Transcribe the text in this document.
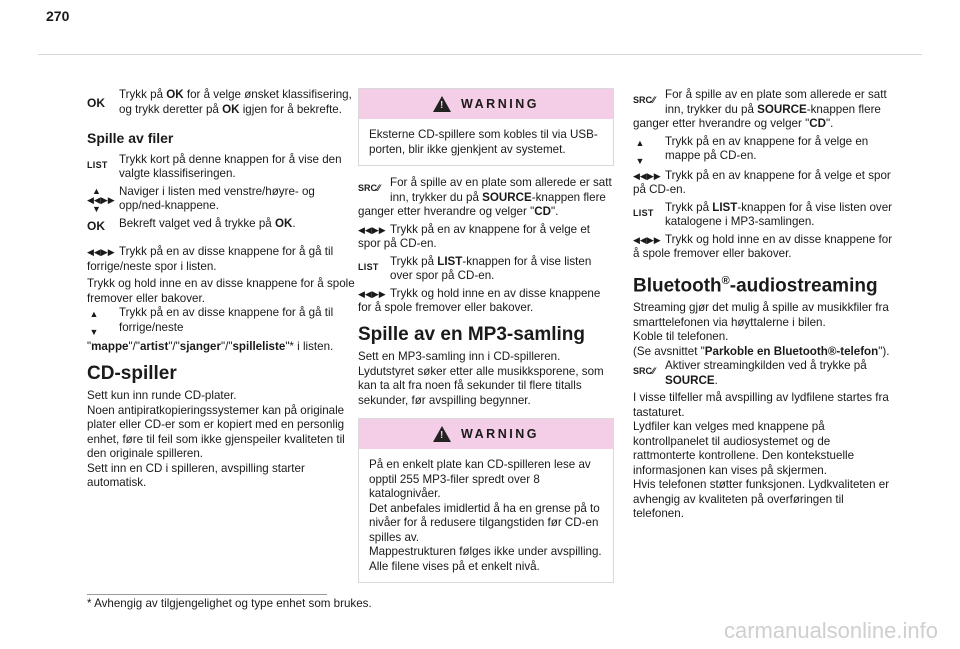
270
OK

Trykk på OK for å velge ønsket klassifisering, og trykk deretter på OK igjen for å bekrefte.

Spille av filer
LIST Trykk kort på denne knappen for å vise den valgte klassifiseringen.

▲
◀◀▶▶
▼

Naviger i listen med venstre/høyre- og opp/ned-knappene.

OK	Bekreft valget ved å trykke på OK.

◀◀▶▶ Trykk på en av disse knappene for å gå til forrige/neste spor i listen.

Trykk og hold inne en av disse knappene for å spole fremover eller bakover.

▲

▼

Trykk på en av disse knappene for å gå til forrige/neste

"mappe"/"artist"/"sjanger"/"spilleliste"* i listen.

CD-spiller

Sett kun inn runde CD-plater.
Noen antipiratkopieringssystemer kan på originale plater eller CD-er som er kopiert med en personlig enhet, føre til feil som ikke gjenspeiler kvaliteten til den originale spilleren.
Sett inn en CD i spilleren, avspilling starter automatisk.

!
WARNING
Eksterne CD-spillere som kobles til via USB-porten, blir ikke gjenkjent av systemet.
SRC⁄⁄ For å spille av en plate som allerede er satt inn, trykker du på SOURCE-knappen flere ganger etter hverandre og velger "CD".

◀◀▶▶ Trykk på en av knappene for å velge et spor på CD-en.

LIST Trykk på LIST-knappen for å vise listen over spor på CD-en.

◀◀▶▶ Trykk og hold inne en av disse knappene for å spole fremover eller bakover.

Spille av en MP3-samling

Sett en MP3-samling inn i CD-spilleren.
Lydutstyret søker etter alle musikksporene, som kan ta alt fra noen få sekunder til flere titalls sekunder, før avspilling begynner.

!
WARNING
På en enkelt plate kan CD-spilleren lese av opptil 255 MP3-filer spredt over 8 katalognivåer.
Det anbefales imidlertid å ha en grense på to nivåer for å redusere tilgangstiden før CD-en spilles av.
Mappestrukturen følges ikke under avspilling.
Alle filene vises på et enkelt nivå.
SRC⁄⁄ For å spille av en plate som allerede er satt inn, trykker du på SOURCE-knappen flere ganger etter hverandre og velger "CD".

▲

▼

Trykk på en av knappene for å velge en mappe på CD-en.

◀◀▶▶ Trykk på en av knappene for å velge et spor på CD-en.

LIST Trykk på LIST-knappen for å vise listen over katalogene i MP3-samlingen.

◀◀▶▶ Trykk og hold inne en av disse knappene for å spole fremover eller bakover.

Bluetooth®-audiostreaming

Streaming gjør det mulig å spille av musikkfiler fra smarttelefonen via høyttalerne i bilen.
Koble til telefonen.
(Se avsnittet "Parkoble en Bluetooth®-telefon").

SRC⁄⁄ Aktiver streamingkilden ved å trykke på SOURCE.

I visse tilfeller må avspilling av lydfilene startes fra tastaturet.
Lydfiler kan velges med knappene på kontrollpanelet til audiosystemet og de rattmonterte kontrollene. Den kontekstuelle informasjonen kan vises på skjermen.
Hvis telefonen støtter funksjonen. Lydkvaliteten er avhengig av kvaliteten på overføringen til telefonen.

* Avhengig av tilgjengelighet og type enhet som brukes.
carmanualsonline.info
